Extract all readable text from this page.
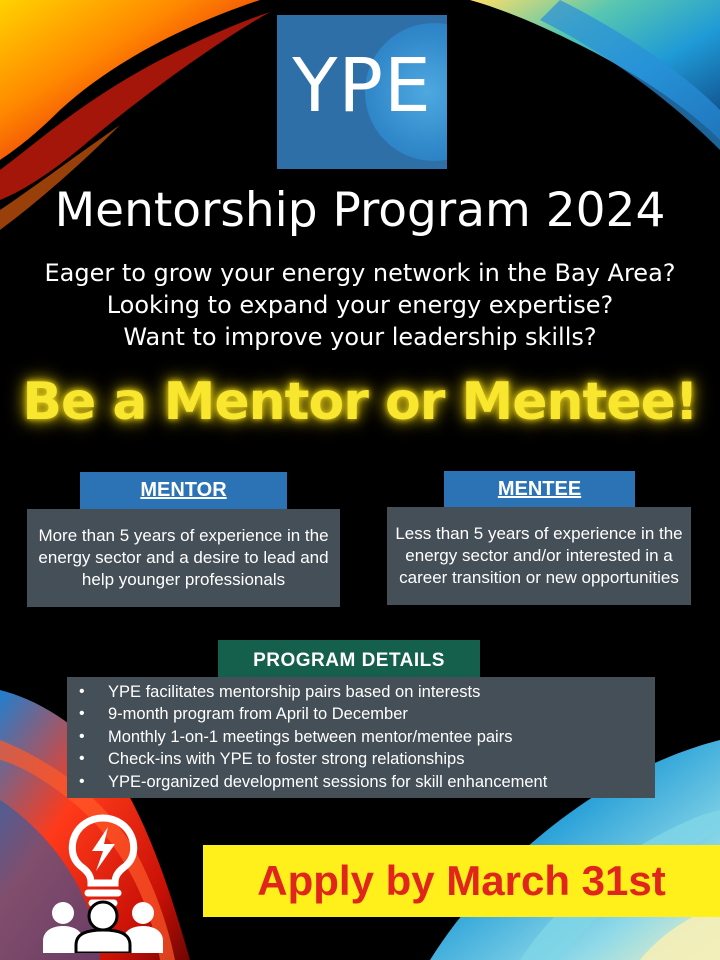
YPE
Mentorship Program 2024
Eager to grow your energy network in the Bay Area?
Looking to expand your energy expertise?
Want to improve your leadership skills?
Be a Mentor or Mentee!
MENTOR
More than 5 years of experience in the energy sector and a desire to lead and help younger professionals
MENTEE
Less than 5 years of experience in the energy sector and/or interested in a career transition or new opportunities
PROGRAM DETAILS
• YPE facilitates mentorship pairs based on interests
• 9-month program from April to December
• Monthly 1-on-1 meetings between mentor/mentee pairs
• Check-ins with YPE to foster strong relationships
• YPE-organized development sessions for skill enhancement
Apply by March 31st
